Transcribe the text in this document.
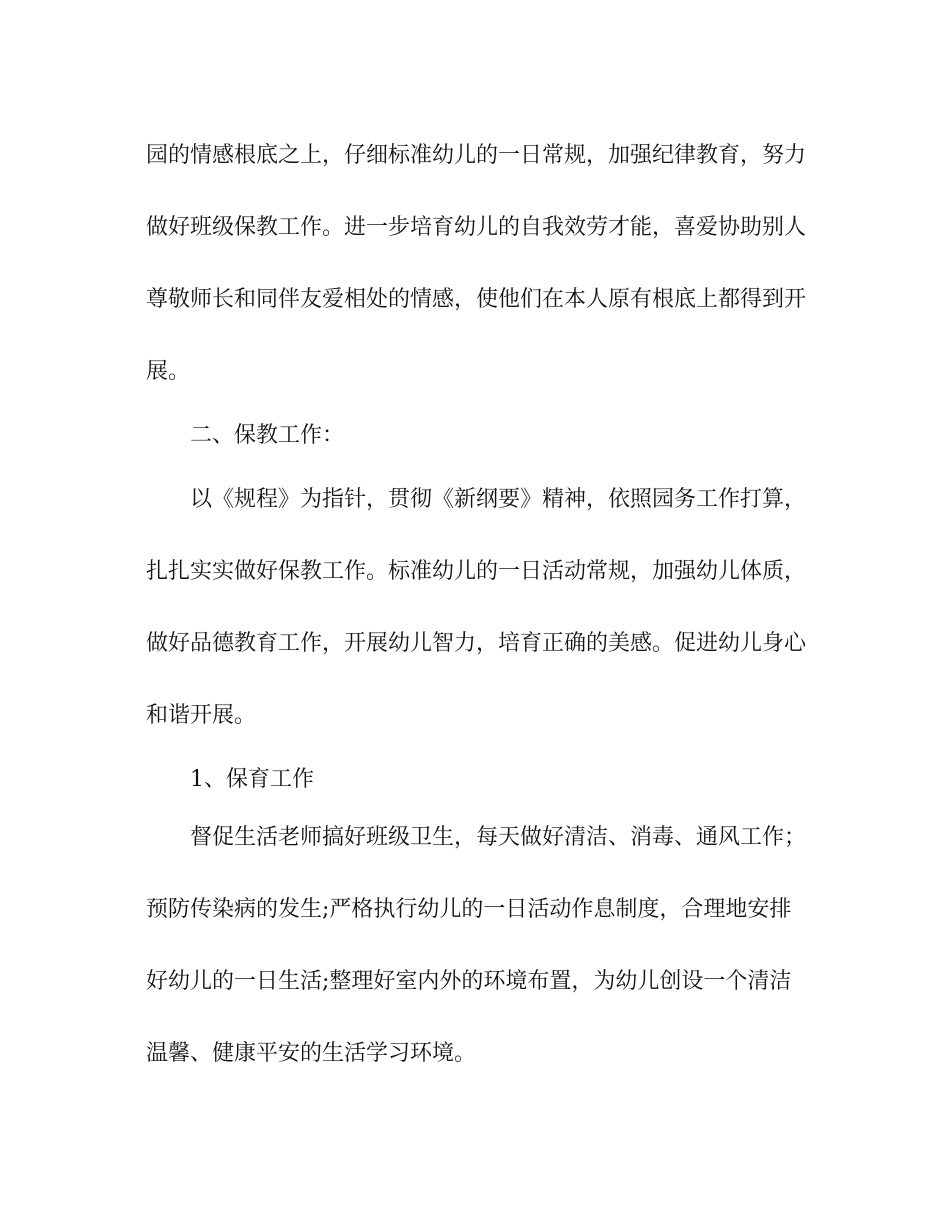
园的情感根底之上，仔细标准幼儿的一日常规，加强纪律教育，努力
做好班级保教工作。进一步培育幼儿的自我效劳才能，喜爱协助别人
尊敬师长和同伴友爱相处的情感，使他们在本人原有根底上都得到开
展。
二、保教工作：
以《规程》为指针，贯彻《新纲要》精神，依照园务工作打算，
扎扎实实做好保教工作。标准幼儿的一日活动常规，加强幼儿体质，
做好品德教育工作，开展幼儿智力，培育正确的美感。促进幼儿身心
和谐开展。
1、保育工作
督促生活老师搞好班级卫生，每天做好清洁、消毒、通风工作；
预防传染病的发生;严格执行幼儿的一日活动作息制度，合理地安排
好幼儿的一日生活;整理好室内外的环境布置，为幼儿创设一个清洁
温馨、健康平安的生活学习环境。
